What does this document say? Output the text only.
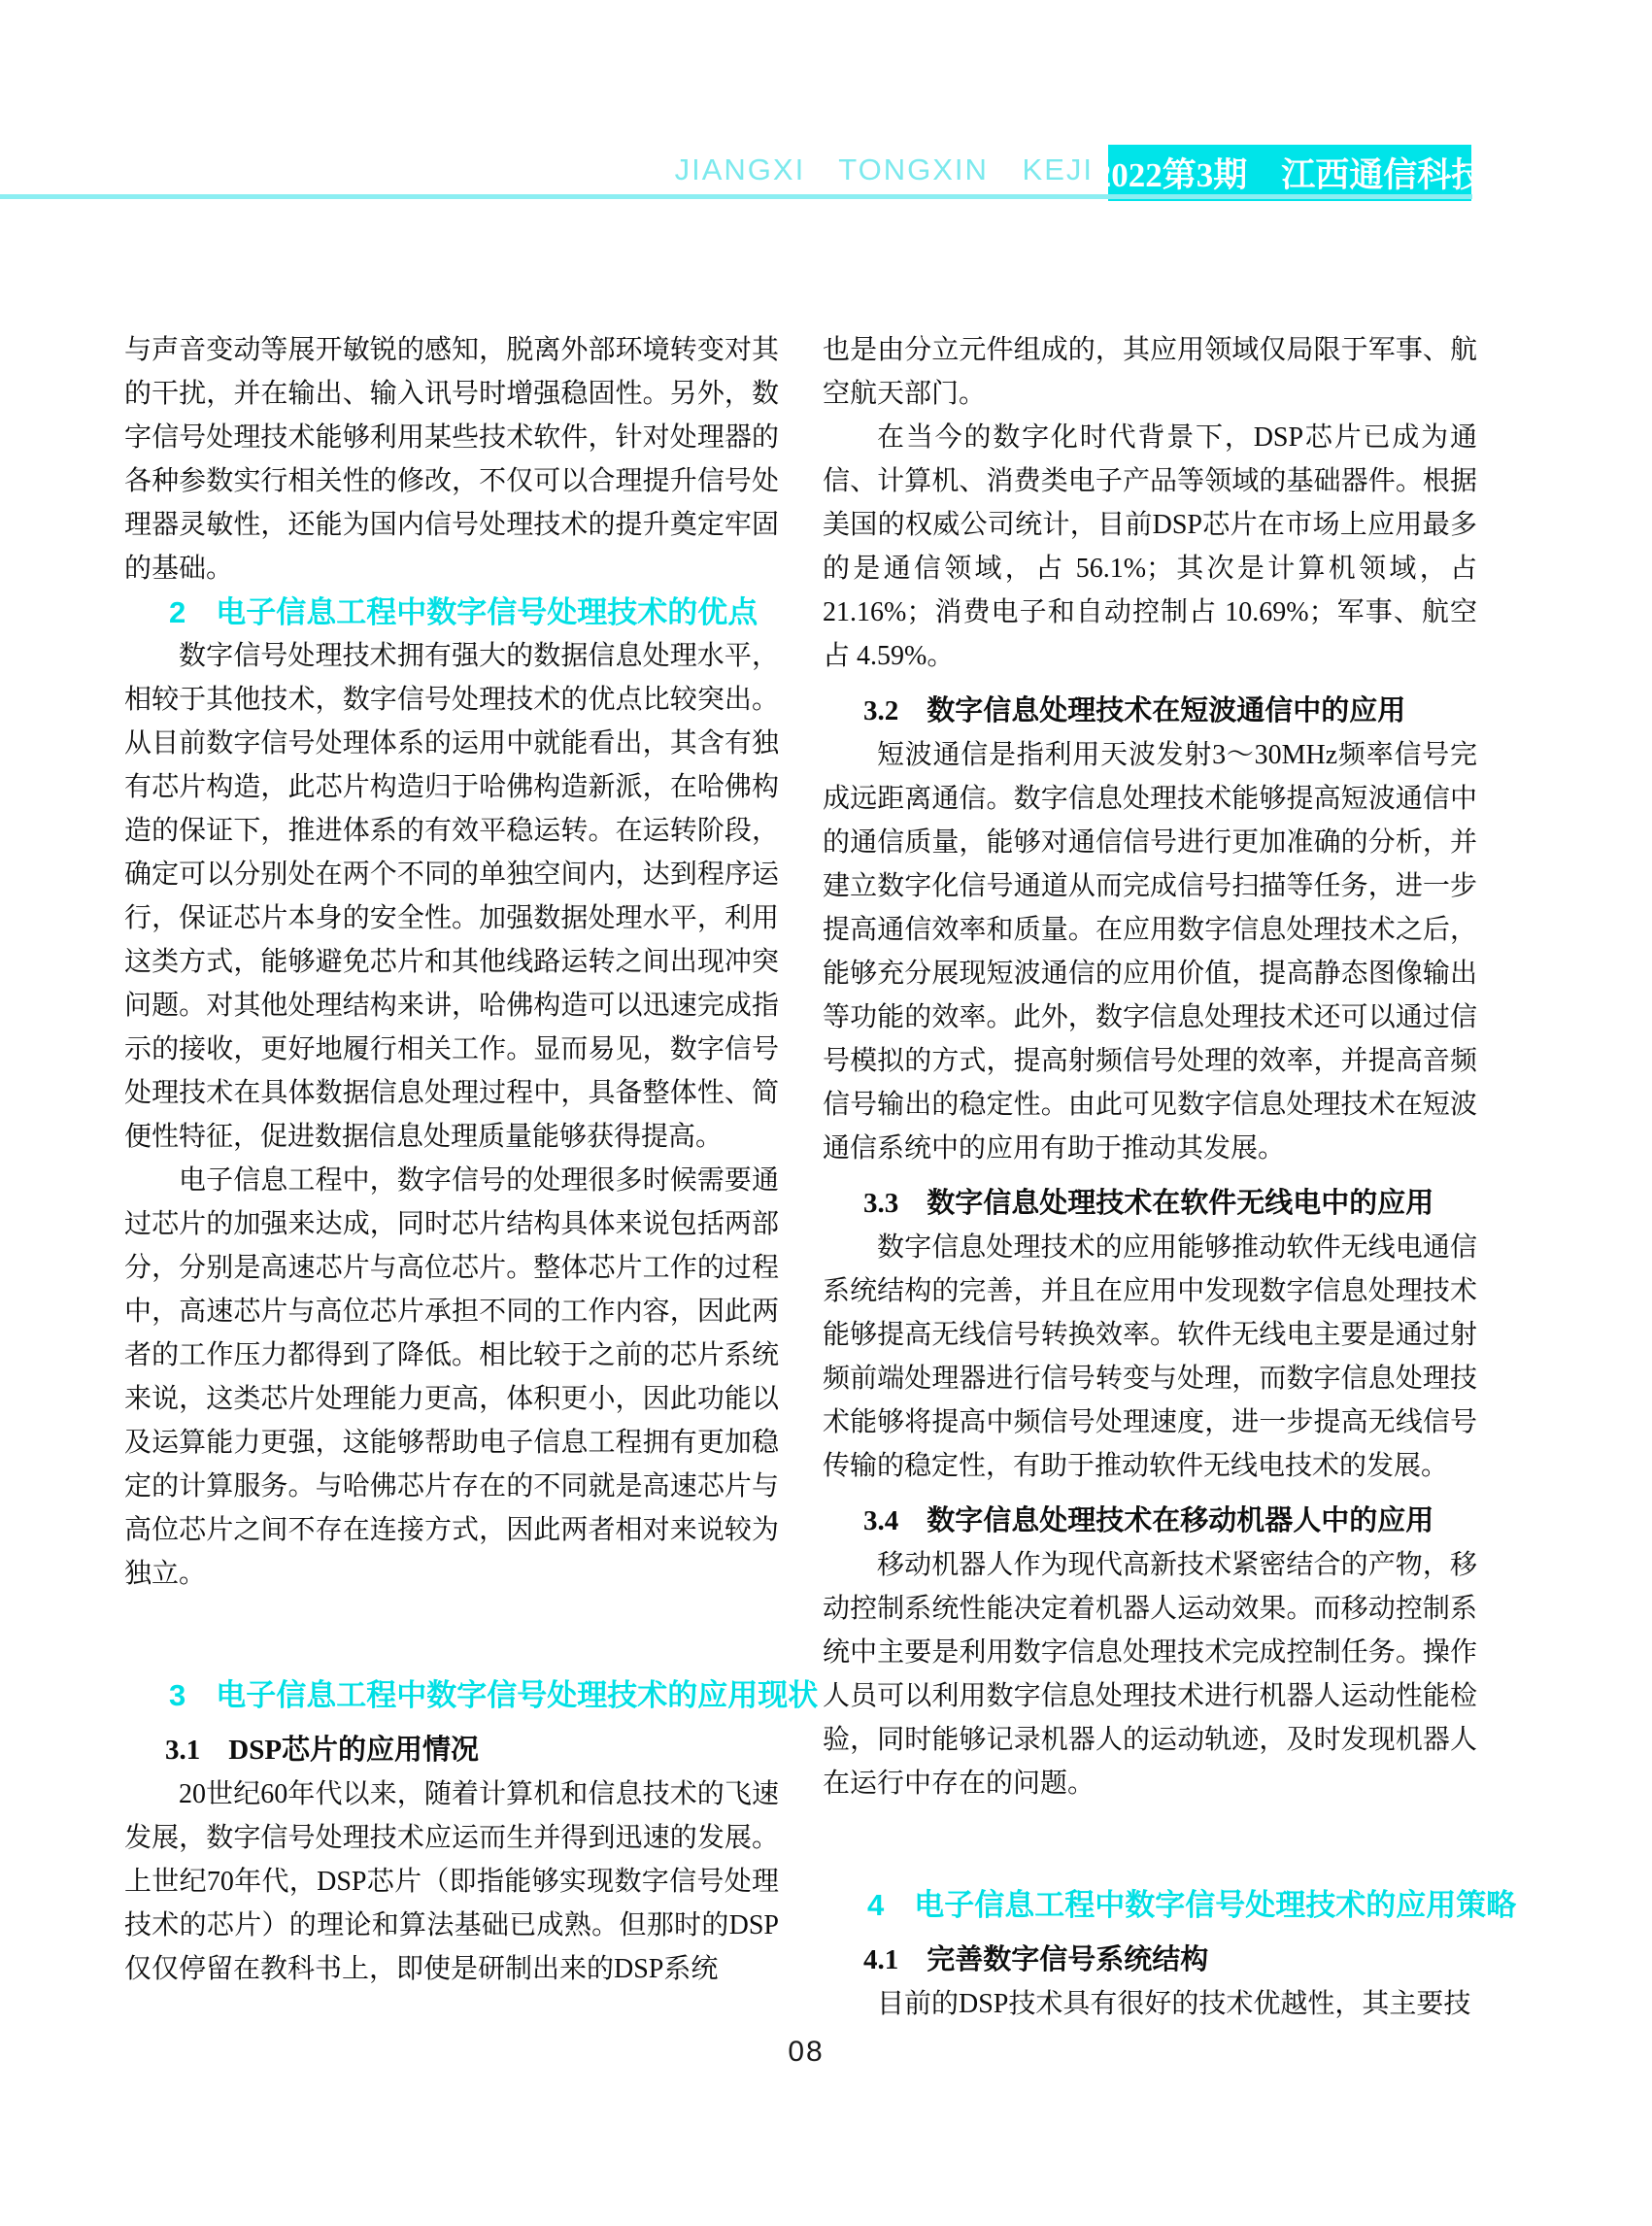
JIANGXI TONGXIN KEJI 2022第3期　江西通信科技
与声音变动等展开敏锐的感知，脱离外部环境转变对其的干扰，并在输出、输入讯号时增强稳固性。另外，数字信号处理技术能够利用某些技术软件，针对处理器的各种参数实行相关性的修改，不仅可以合理提升信号处理器灵敏性，还能为国内信号处理技术的提升奠定牢固的基础。
2　电子信息工程中数字信号处理技术的优点
数字信号处理技术拥有强大的数据信息处理水平，相较于其他技术，数字信号处理技术的优点比较突出。从目前数字信号处理体系的运用中就能看出，其含有独有芯片构造，此芯片构造归于哈佛构造新派，在哈佛构造的保证下，推进体系的有效平稳运转。在运转阶段，确定可以分别处在两个不同的单独空间内，达到程序运行，保证芯片本身的安全性。加强数据处理水平，利用这类方式，能够避免芯片和其他线路运转之间出现冲突问题。对其他处理结构来讲，哈佛构造可以迅速完成指示的接收，更好地履行相关工作。显而易见，数字信号处理技术在具体数据信息处理过程中，具备整体性、简便性特征，促进数据信息处理质量能够获得提高。
电子信息工程中，数字信号的处理很多时候需要通过芯片的加强来达成，同时芯片结构具体来说包括两部分，分别是高速芯片与高位芯片。整体芯片工作的过程中，高速芯片与高位芯片承担不同的工作内容，因此两者的工作压力都得到了降低。相比较于之前的芯片系统来说，这类芯片处理能力更高，体积更小，因此功能以及运算能力更强，这能够帮助电子信息工程拥有更加稳定的计算服务。与哈佛芯片存在的不同就是高速芯片与高位芯片之间不存在连接方式，因此两者相对来说较为独立。
3　电子信息工程中数字信号处理技术的应用现状
3.1　DSP芯片的应用情况
20世纪60年代以来，随着计算机和信息技术的飞速发展，数字信号处理技术应运而生并得到迅速的发展。上世纪70年代，DSP芯片（即指能够实现数字信号处理技术的芯片）的理论和算法基础已成熟。但那时的DSP仅仅停留在教科书上，即使是研制出来的DSP系统
也是由分立元件组成的，其应用领域仅局限于军事、航空航天部门。
在当今的数字化时代背景下，DSP芯片已成为通信、计算机、消费类电子产品等领域的基础器件。根据美国的权威公司统计，目前DSP芯片在市场上应用最多的是通信领域，占 56.1%；其次是计算机领域，占 21.16%；消费电子和自动控制占 10.69%；军事、航空占 4.59%。
3.2　数字信息处理技术在短波通信中的应用
短波通信是指利用天波发射3～30MHz频率信号完成远距离通信。数字信息处理技术能够提高短波通信中的通信质量，能够对通信信号进行更加准确的分析，并建立数字化信号通道从而完成信号扫描等任务，进一步提高通信效率和质量。在应用数字信息处理技术之后，能够充分展现短波通信的应用价值，提高静态图像输出等功能的效率。此外，数字信息处理技术还可以通过信号模拟的方式，提高射频信号处理的效率，并提高音频信号输出的稳定性。由此可见数字信息处理技术在短波通信系统中的应用有助于推动其发展。
3.3　数字信息处理技术在软件无线电中的应用
数字信息处理技术的应用能够推动软件无线电通信系统结构的完善，并且在应用中发现数字信息处理技术能够提高无线信号转换效率。软件无线电主要是通过射频前端处理器进行信号转变与处理，而数字信息处理技术能够将提高中频信号处理速度，进一步提高无线信号传输的稳定性，有助于推动软件无线电技术的发展。
3.4　数字信息处理技术在移动机器人中的应用
移动机器人作为现代高新技术紧密结合的产物，移动控制系统性能决定着机器人运动效果。而移动控制系统中主要是利用数字信息处理技术完成控制任务。操作人员可以利用数字信息处理技术进行机器人运动性能检验，同时能够记录机器人的运动轨迹，及时发现机器人在运行中存在的问题。
4　电子信息工程中数字信号处理技术的应用策略
4.1　完善数字信号系统结构
目前的DSP技术具有很好的技术优越性，其主要技
08
